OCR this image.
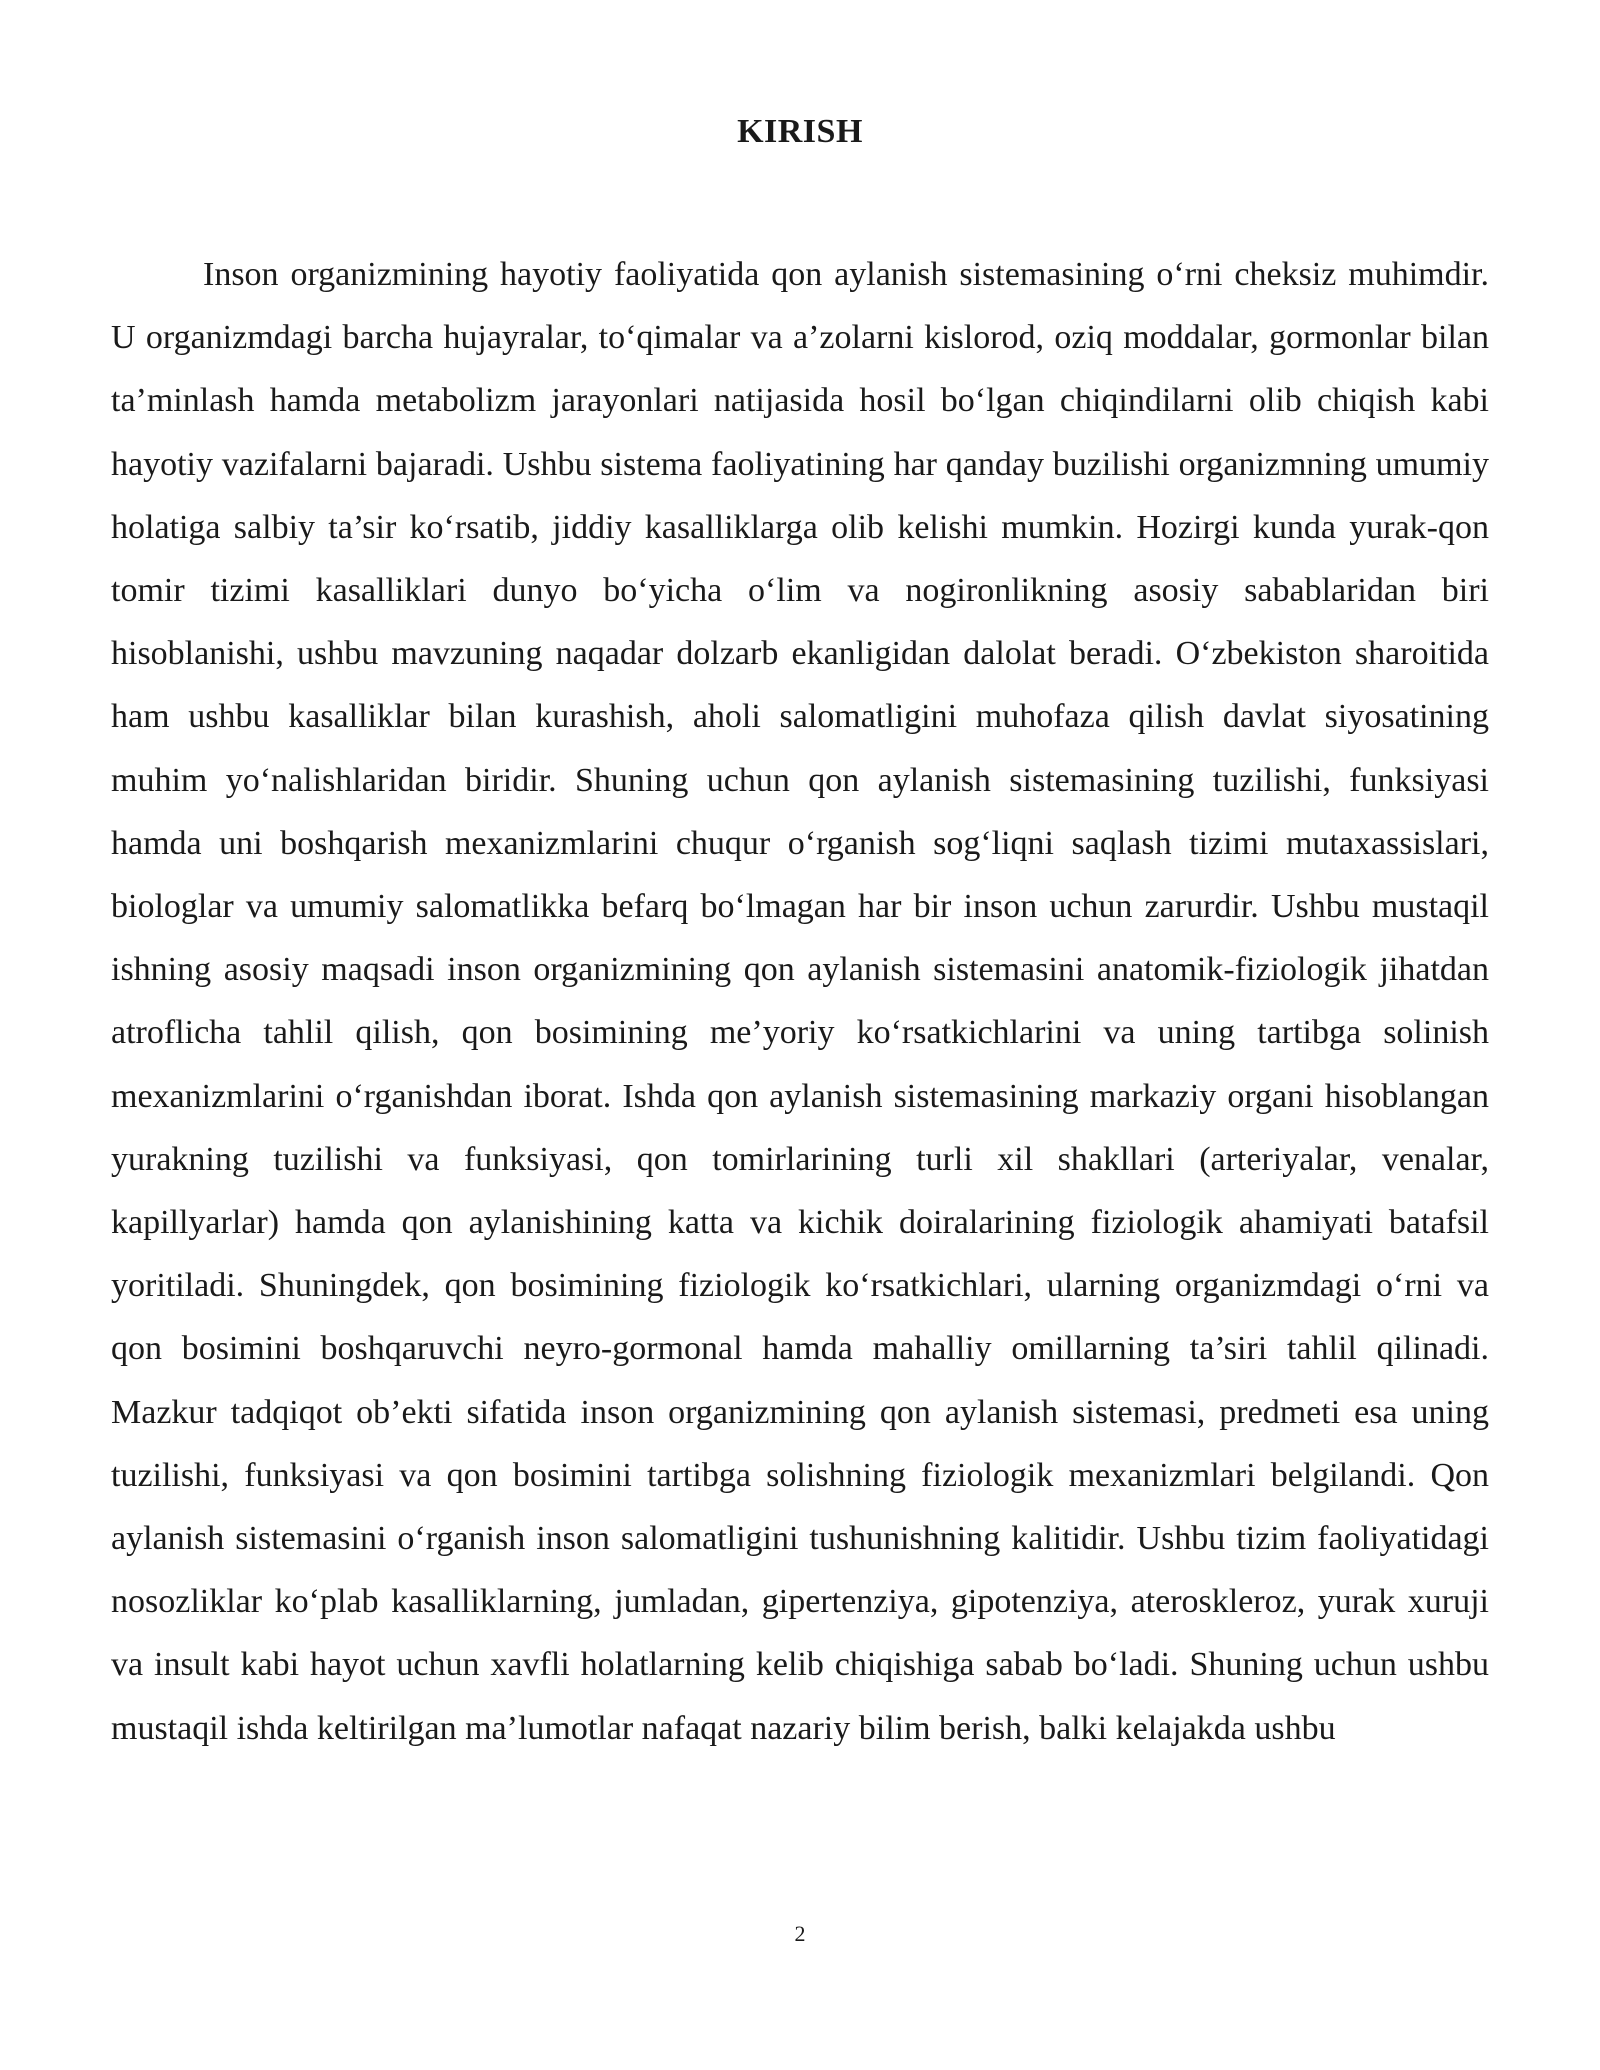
KIRISH

Inson organizmining hayotiy faoliyatida qon aylanish sistemasining o‘rni cheksiz muhimdir. U organizmdagi barcha hujayralar, to‘qimalar va a’zolarni kislorod, oziq moddalar, gormonlar bilan ta’minlash hamda metabolizm jarayonlari natijasida hosil bo‘lgan chiqindilarni olib chiqish kabi hayotiy vazifalarni bajaradi. Ushbu sistema faoliyatining har qanday buzilishi organizmning umumiy holatiga salbiy ta’sir ko‘rsatib, jiddiy kasalliklarga olib kelishi mumkin. Hozirgi kunda yurak-qon tomir tizimi kasalliklari dunyo bo‘yicha o‘lim va nogironlikning asosiy sabablaridan biri hisoblanishi, ushbu mavzuning naqadar dolzarb ekanligidan dalolat beradi. O‘zbekiston sharoitida ham ushbu kasalliklar bilan kurashish, aholi salomatligini muhofaza qilish davlat siyosatining muhim yo‘nalishlaridan biridir. Shuning uchun qon aylanish sistemasining tuzilishi, funksiyasi hamda uni boshqarish mexanizmlarini chuqur o‘rganish sog‘liqni saqlash tizimi mutaxassislari, biologlar va umumiy salomatlikka befarq bo‘lmagan har bir inson uchun zarurdir. Ushbu mustaqil ishning asosiy maqsadi inson organizmining qon aylanish sistemasini anatomik-fiziologik jihatdan atroflicha tahlil qilish, qon bosimining me’yoriy ko‘rsatkichlarini va uning tartibga solinish mexanizmlarini o‘rganishdan iborat. Ishda qon aylanish sistemasining markaziy organi hisoblangan yurakning tuzilishi va funksiyasi, qon tomirlarining turli xil shakllari (arteriyalar, venalar, kapillyarlar) hamda qon aylanishining katta va kichik doiralarining fiziologik ahamiyati batafsil yoritiladi. Shuningdek, qon bosimining fiziologik ko‘rsatkichlari, ularning organizmdagi o‘rni va qon bosimini boshqaruvchi neyro-gormonal hamda mahalliy omillarning ta’siri tahlil qilinadi. Mazkur tadqiqot ob’ekti sifatida inson organizmining qon aylanish sistemasi, predmeti esa uning tuzilishi, funksiyasi va qon bosimini tartibga solishning fiziologik mexanizmlari belgilandi. Qon aylanish sistemasini o‘rganish inson salomatligini tushunishning kalitidir. Ushbu tizim faoliyatidagi nosozliklar ko‘plab kasalliklarning, jumladan, gipertenziya, gipotenziya, ateroskleroz, yurak xuruji va insult kabi hayot uchun xavfli holatlarning kelib chiqishiga sabab bo‘ladi. Shuning uchun ushbu mustaqil ishda keltirilgan ma’lumotlar nafaqat nazariy bilim berish, balki kelajakda ushbu

2
